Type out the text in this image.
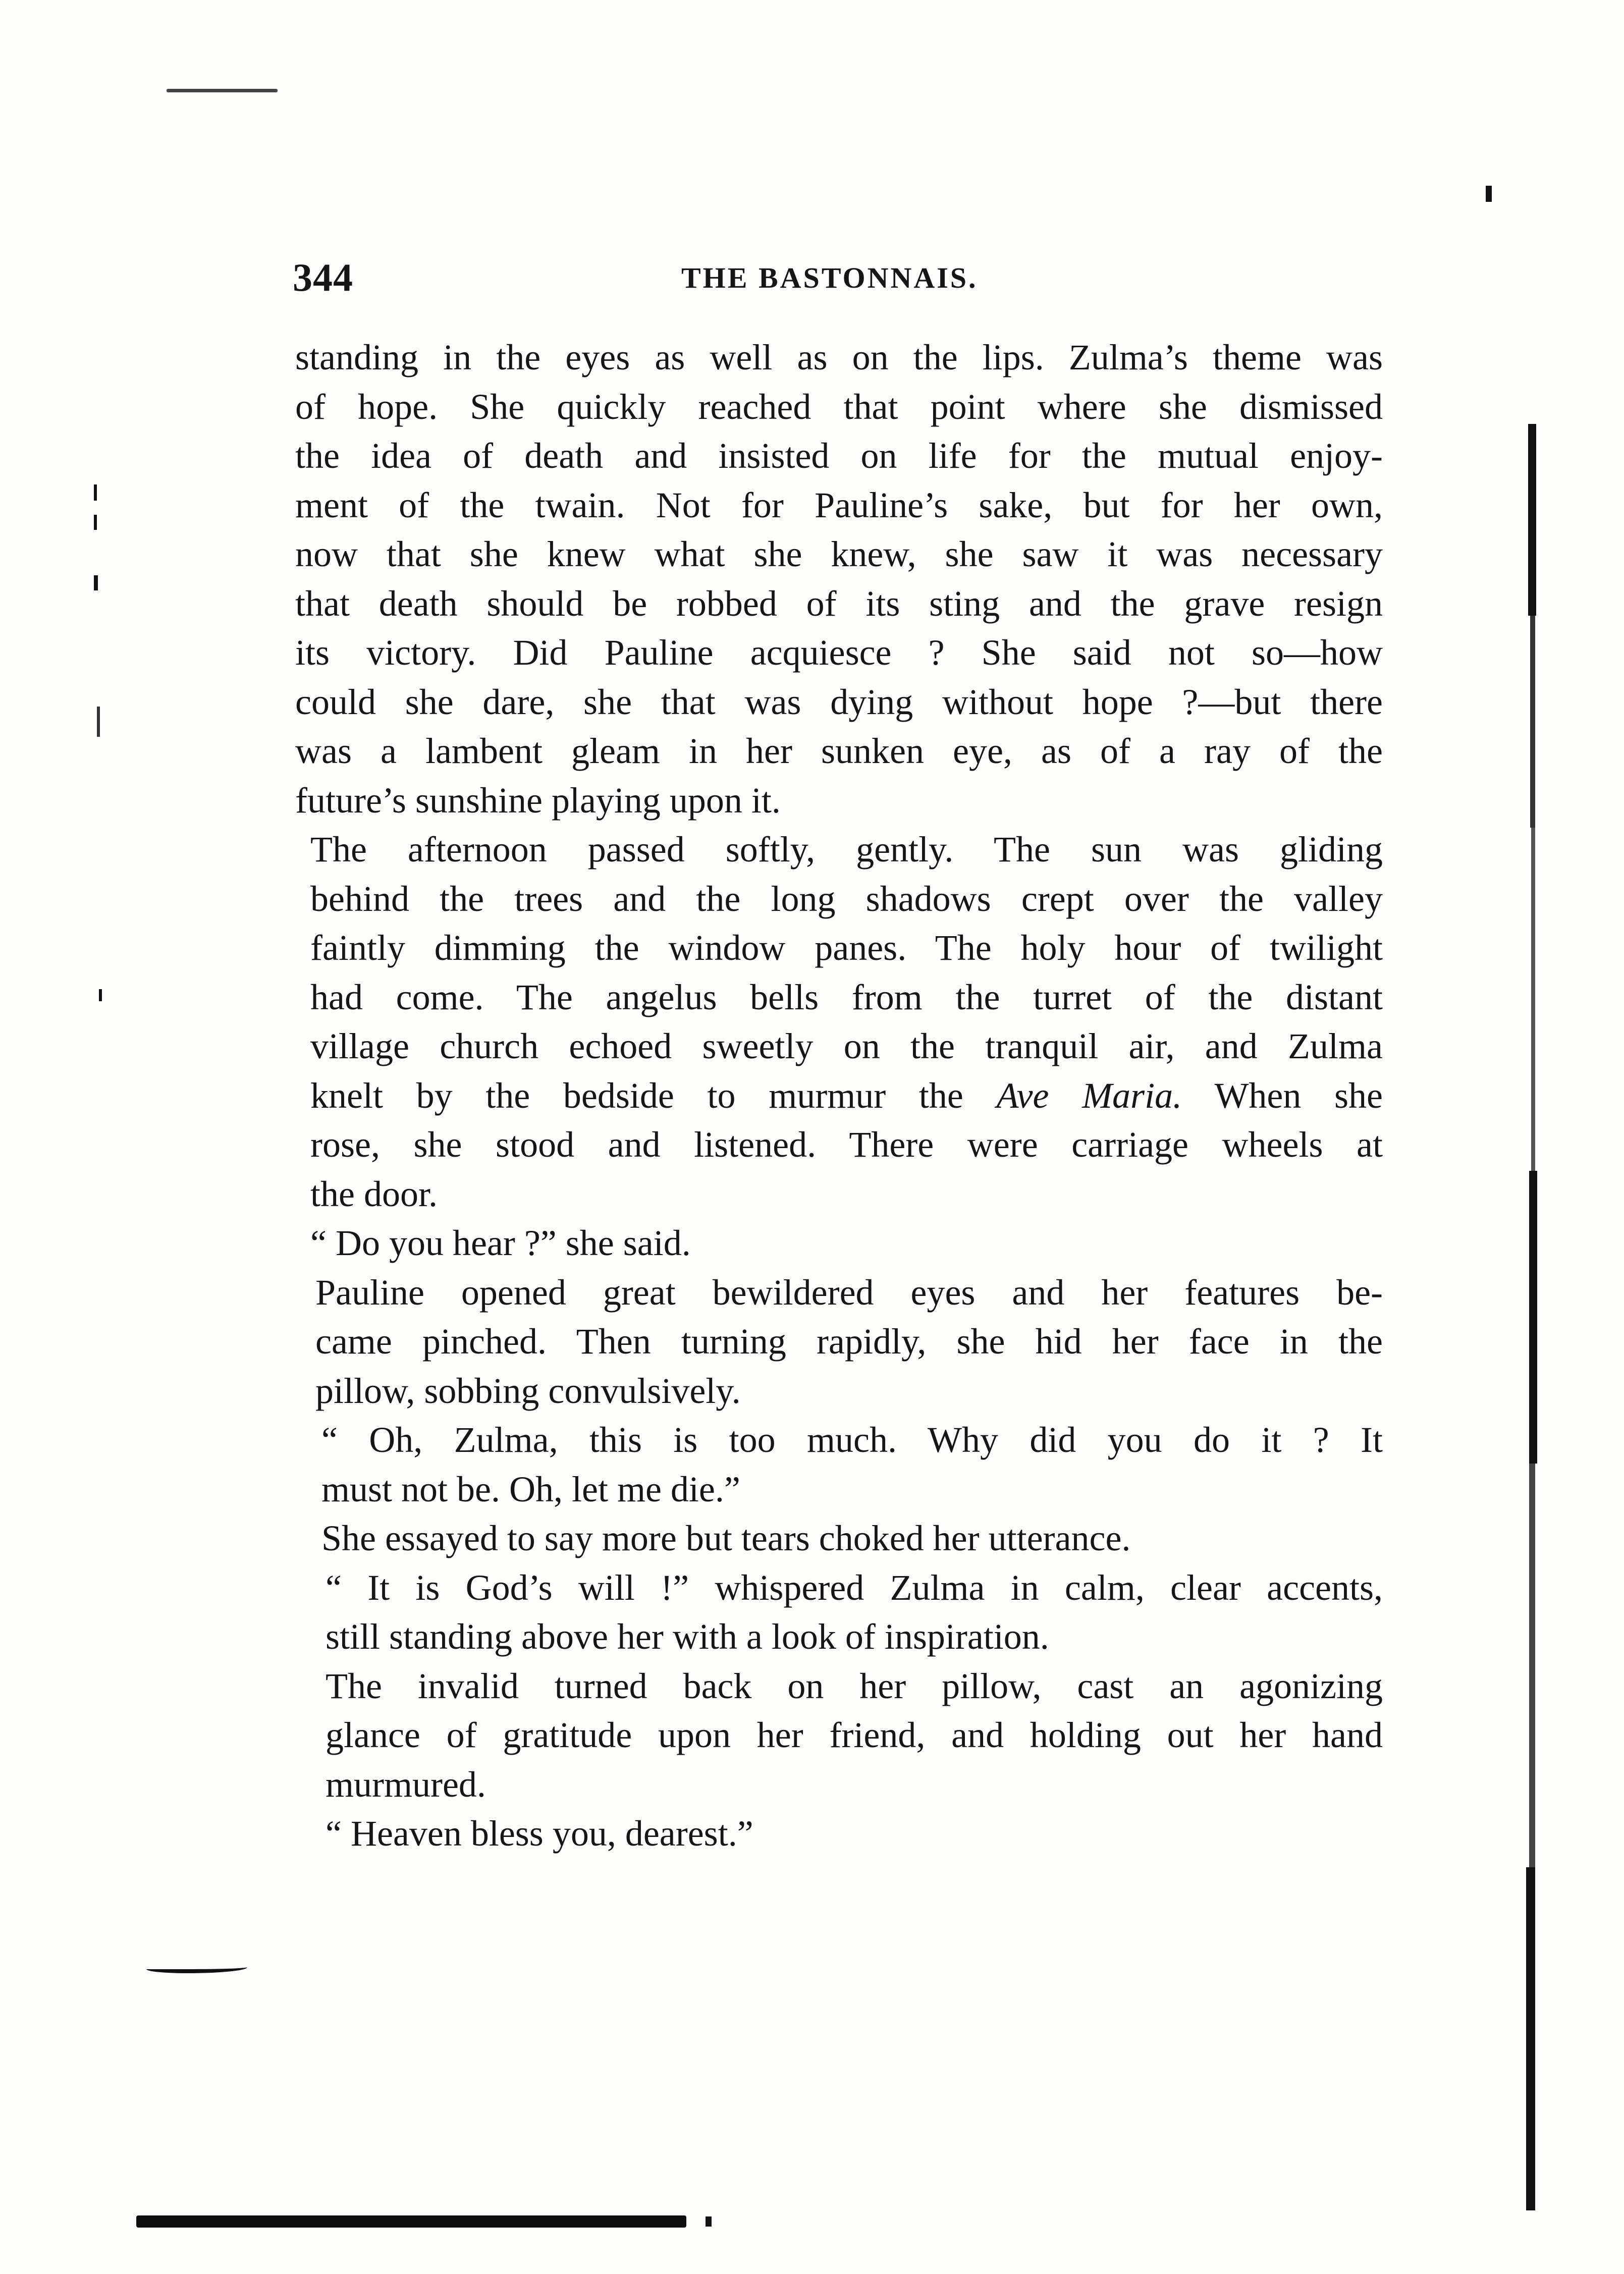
344	THE BASTONNAIS.
standing in the eyes as well as on the lips. Zulma’s theme was
of hope. She quickly reached that point where she dismissed
the idea of death and insisted on life for the mutual enjoy-
ment of the twain. Not for Pauline’s sake, but for her own,
now that she knew what she knew, she saw it was necessary
that death should be robbed of its sting and the grave resign
its victory. Did Pauline acquiesce ? She said not so—how
could she dare, she that was dying without hope ?—but there
was a lambent gleam in her sunken eye, as of a ray of the
future’s sunshine playing upon it.
The afternoon passed softly, gently. The sun was gliding
behind the trees and the long shadows crept over the valley
faintly dimming the window panes. The holy hour of twilight
had come. The angelus bells from the turret of the distant
village church echoed sweetly on the tranquil air, and Zulma
knelt by the bedside to murmur the Ave Maria. When she
rose, she stood and listened. There were carriage wheels at
the door.
“ Do you hear ?” she said.
Pauline opened great bewildered eyes and her features be-
came pinched. Then turning rapidly, she hid her face in the
pillow, sobbing convulsively.
“ Oh, Zulma, this is too much. Why did you do it ? It
must not be. Oh, let me die.”
She essayed to say more but tears choked her utterance.
“ It is God’s will !” whispered Zulma in calm, clear accents,
still standing above her with a look of inspiration.
The invalid turned back on her pillow, cast an agonizing
glance of gratitude upon her friend, and holding out her hand
murmured.
“ Heaven bless you, dearest.”
